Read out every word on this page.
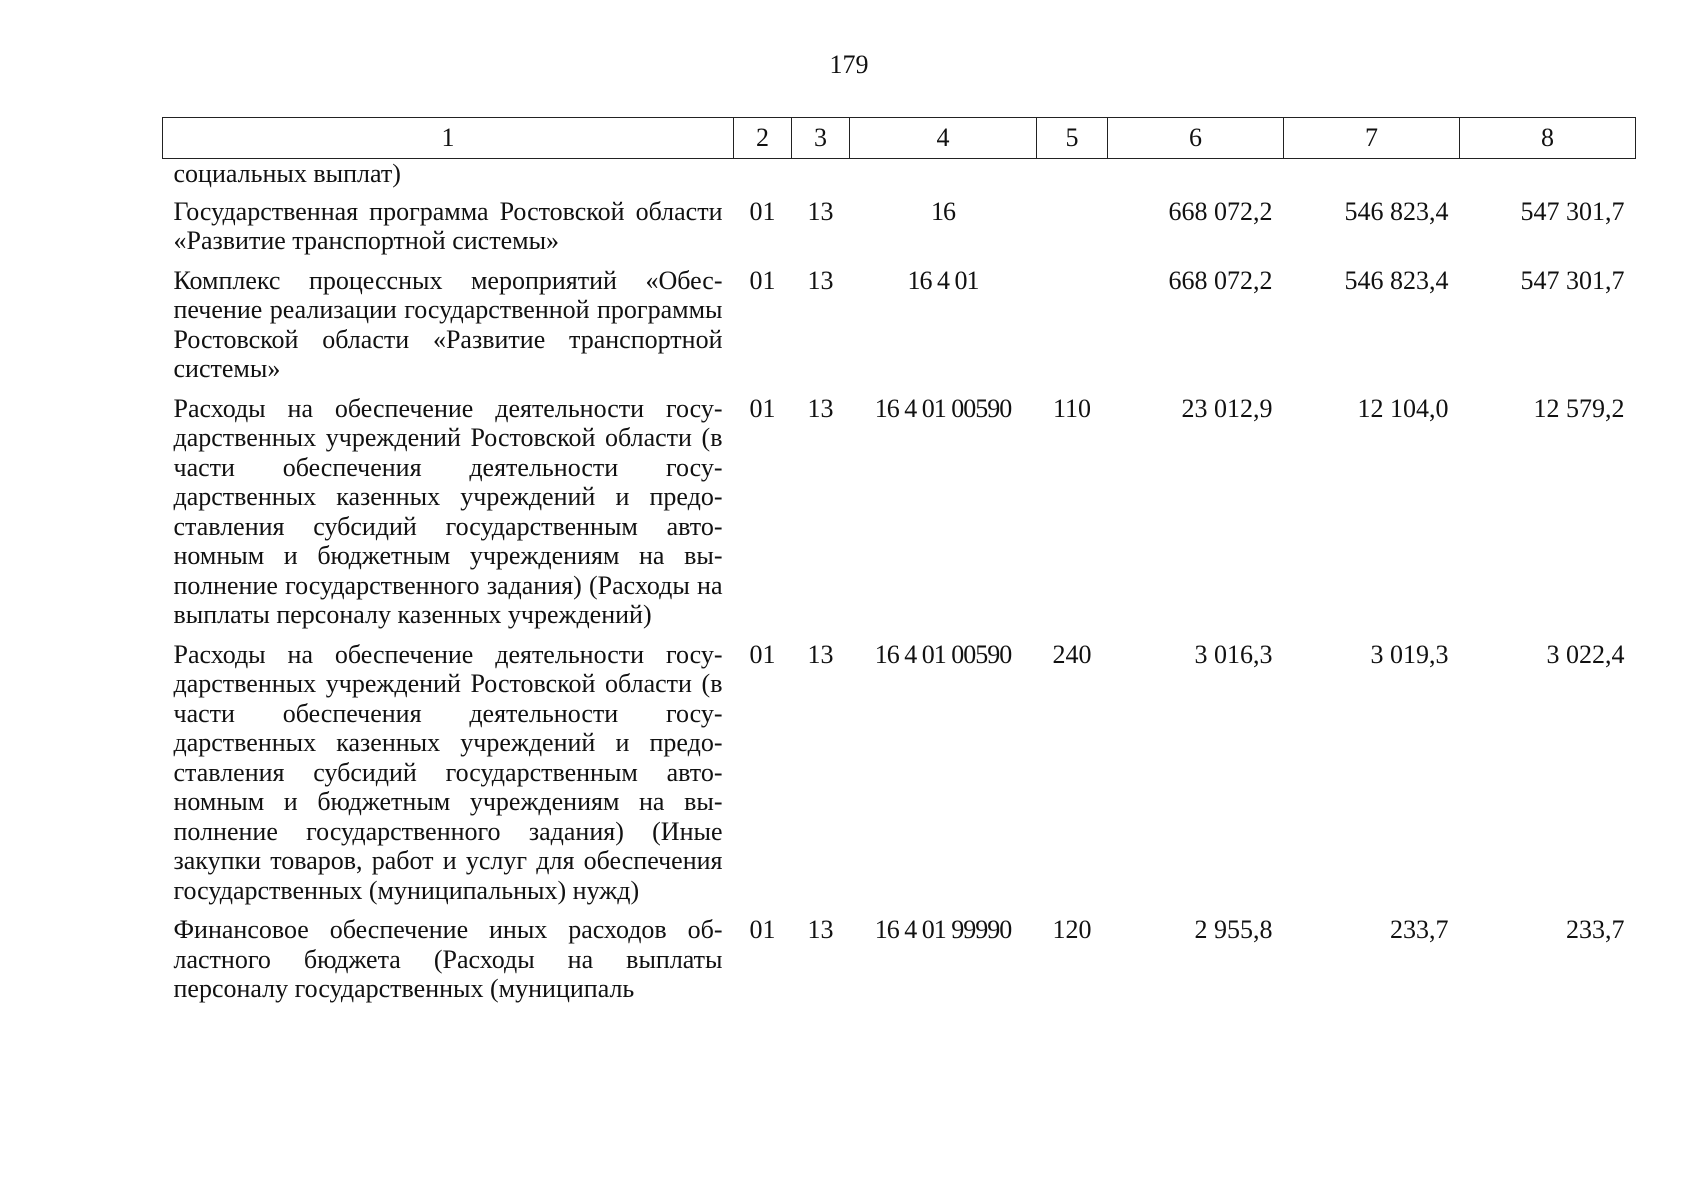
179
1	2	3	4	5	6	7	8
социальных выплат)							
Государственная программа Ростовской области «Развитие транспортной системы»	01	13	16		668 072,2	546 823,4	547 301,7
Комплекс процессных мероприятий «Обеспечение реализации государственной программы Ростовской области «Развитие транспортной системы»	01	13	16 4 01		668 072,2	546 823,4	547 301,7
Расходы на обеспечение деятельности государственных учреждений Ростовской области (в части обеспечения деятельности государственных казенных учреждений и предоставления субсидий государственным автономным и бюджетным учреждениям на выполнение государственного задания) (Расходы на выплаты персоналу казенных учреждений)	01	13	16 4 01 00590	110	23 012,9	12 104,0	12 579,2
Расходы на обеспечение деятельности государственных учреждений Ростовской области (в части обеспечения деятельности государственных казенных учреждений и предоставления субсидий государственным автономным и бюджетным учреждениям на выполнение государственного задания) (Иные закупки товаров, работ и услуг для обеспечения государственных (муниципальных) нужд)	01	13	16 4 01 00590	240	3 016,3	3 019,3	3 022,4
Финансовое обеспечение иных расходов областного бюджета (Расходы на выплаты персоналу государственных (муниципаль	01	13	16 4 01 99990	120	2 955,8	233,7	233,7
